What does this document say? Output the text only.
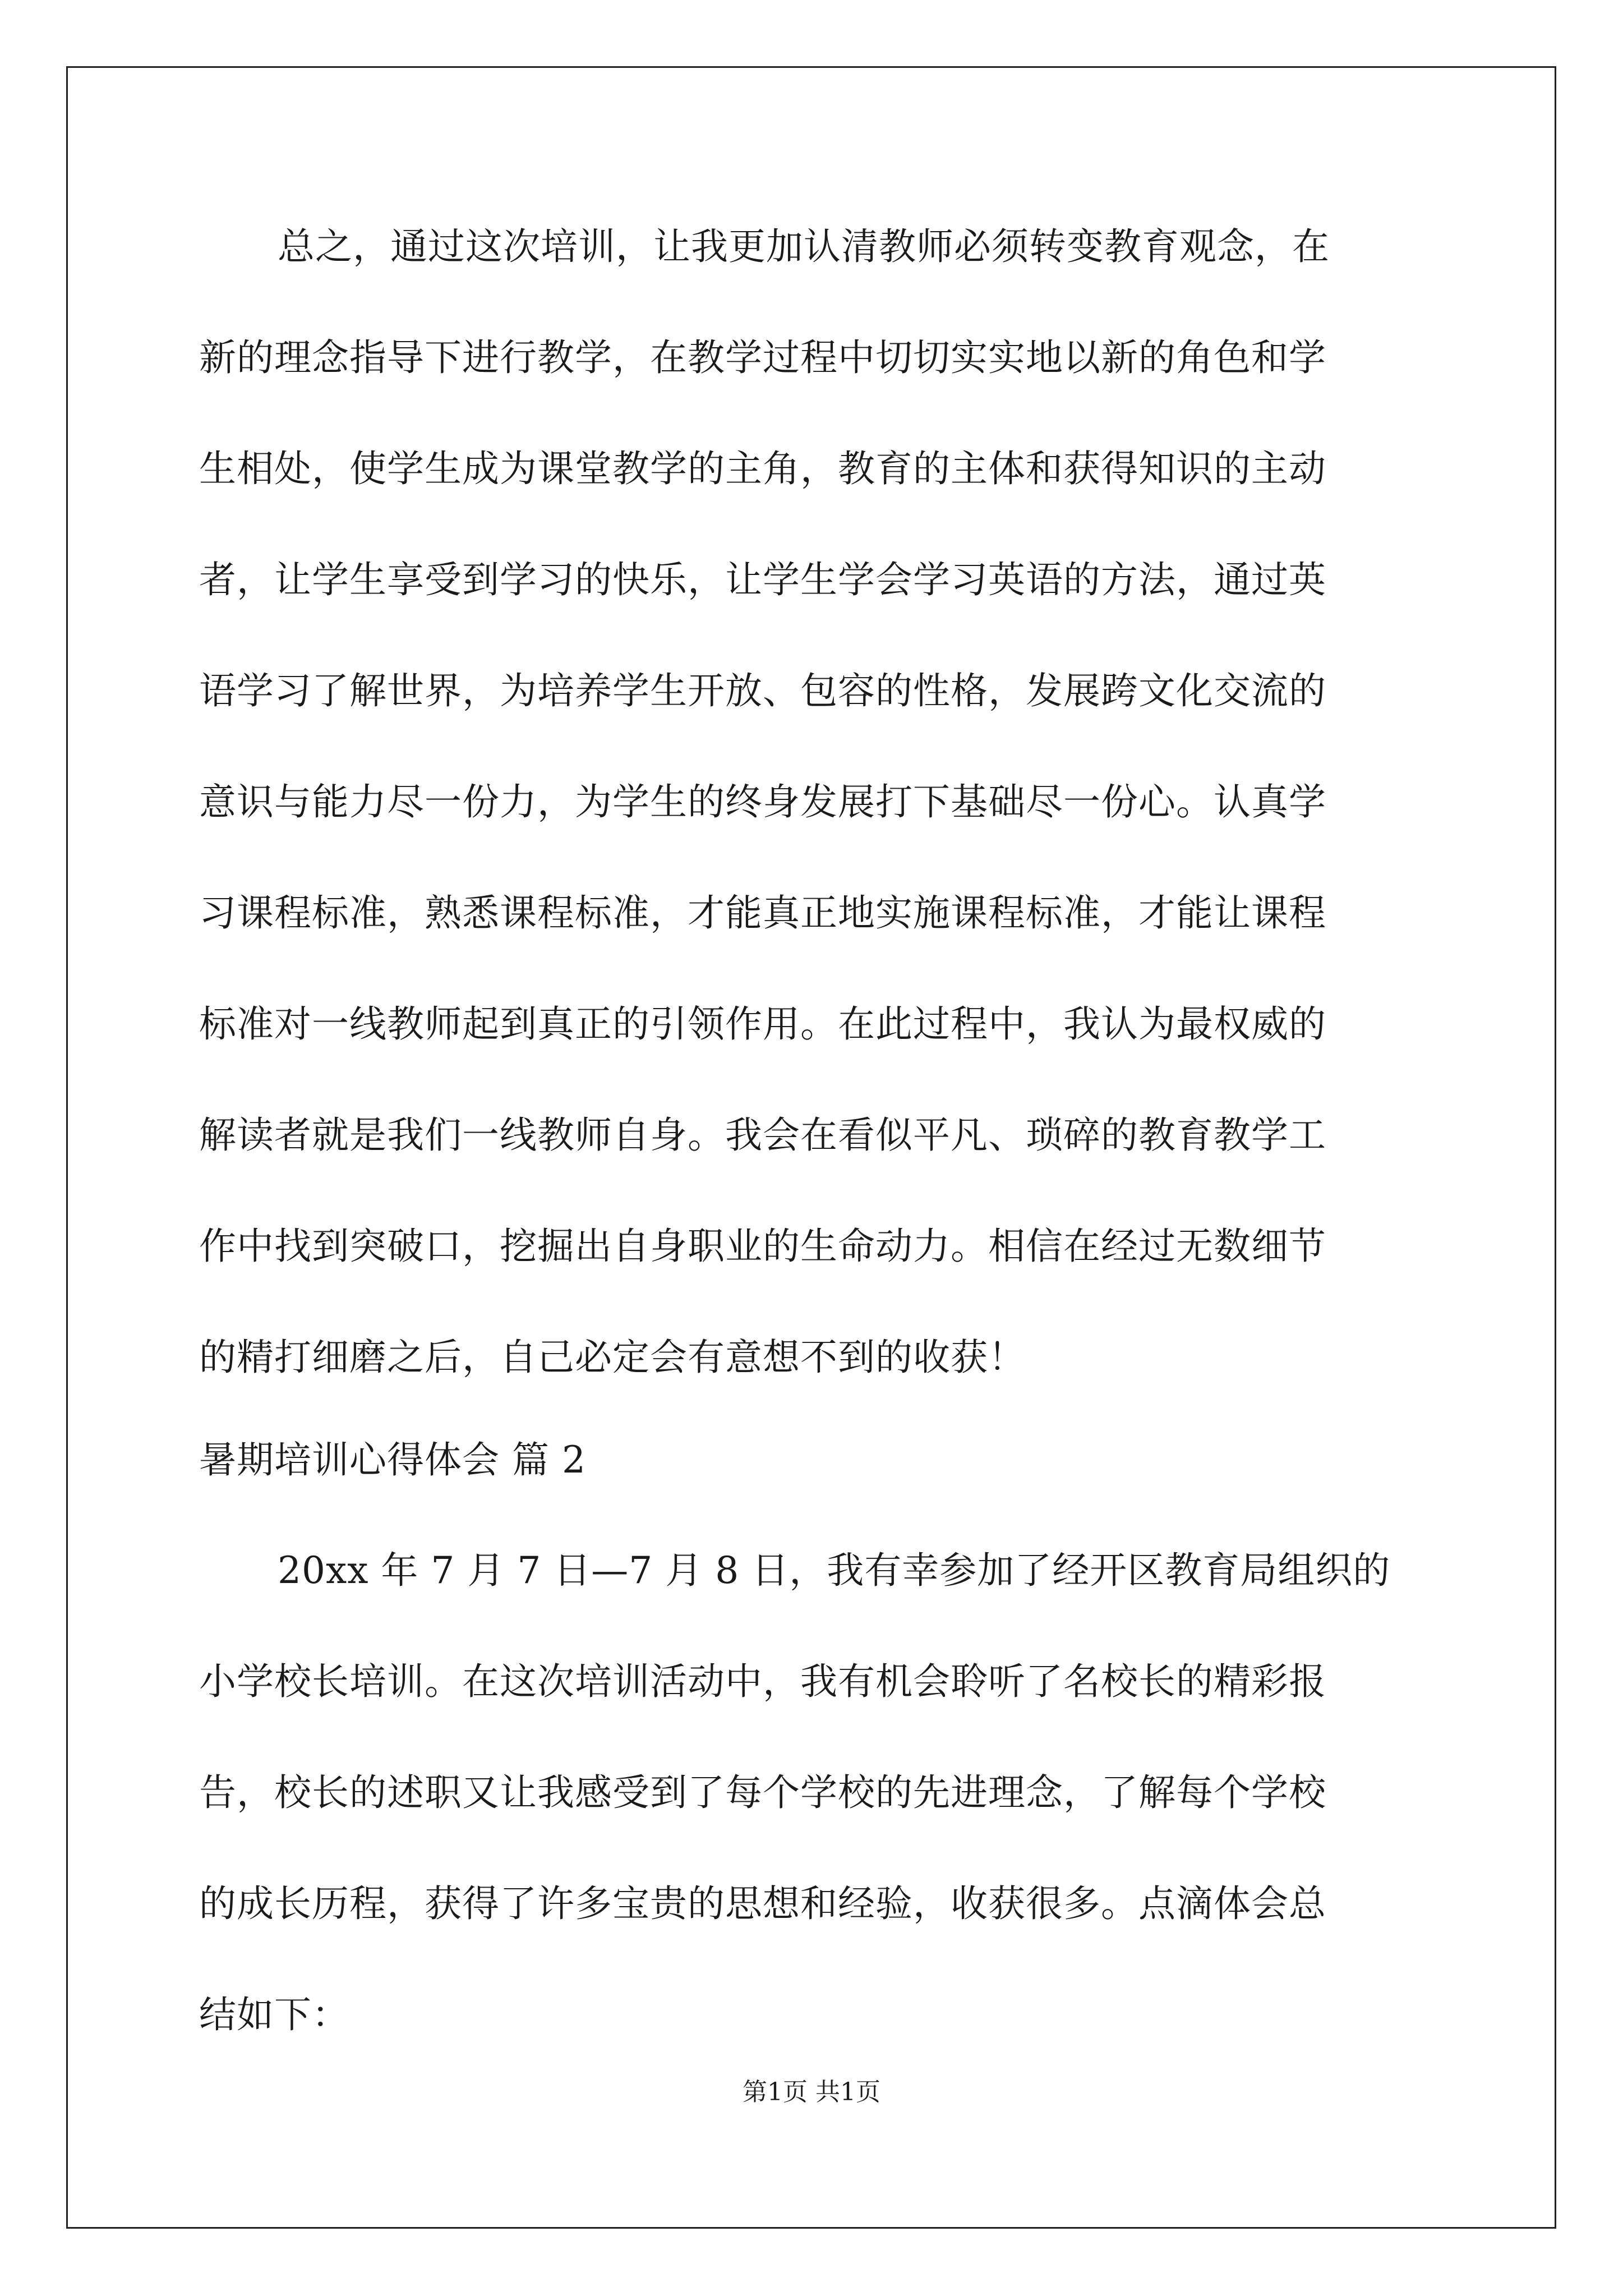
总之，通过这次培训，让我更加认清教师必须转变教育观念，在
新的理念指导下进行教学，在教学过程中切切实实地以新的角色和学
生相处，使学生成为课堂教学的主角，教育的主体和获得知识的主动
者，让学生享受到学习的快乐，让学生学会学习英语的方法，通过英
语学习了解世界，为培养学生开放、包容的性格，发展跨文化交流的
意识与能力尽一份力，为学生的终身发展打下基础尽一份心。认真学
习课程标准，熟悉课程标准，才能真正地实施课程标准，才能让课程
标准对一线教师起到真正的引领作用。在此过程中，我认为最权威的
解读者就是我们一线教师自身。我会在看似平凡、琐碎的教育教学工
作中找到突破口，挖掘出自身职业的生命动力。相信在经过无数细节
的精打细磨之后，自己必定会有意想不到的收获！
暑期培训心得体会 篇 2
20xx 年 7 月 7 日—7 月 8 日，我有幸参加了经开区教育局组织的
小学校长培训。在这次培训活动中，我有机会聆听了名校长的精彩报
告，校长的述职又让我感受到了每个学校的先进理念，了解每个学校
的成长历程，获得了许多宝贵的思想和经验，收获很多。点滴体会总
结如下：
第1页 共1页
